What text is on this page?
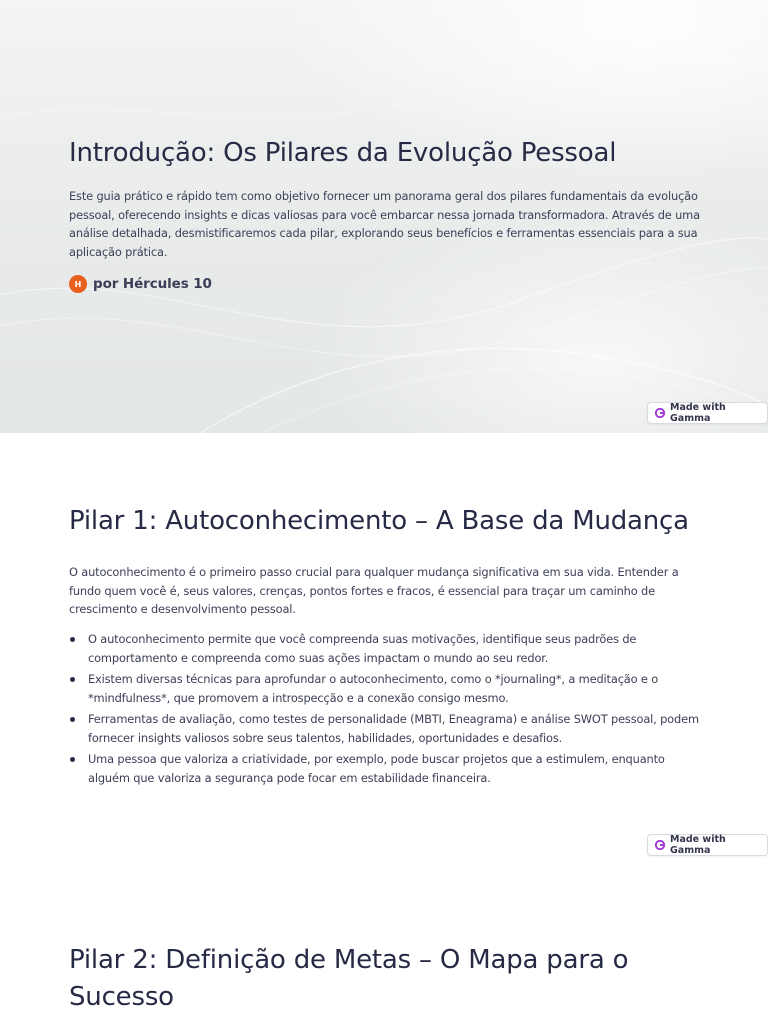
Introdução: Os Pilares da Evolução Pessoal

Este guia prático e rápido tem como objetivo fornecer um panorama geral dos pilares fundamentais da evolução pessoal, oferecendo insights e dicas valiosas para você embarcar nessa jornada transformadora. Através de uma análise detalhada, desmistificaremos cada pilar, explorando seus benefícios e ferramentas essenciais para a sua aplicação prática.

H por Hércules 10
Made with Gamma
Pilar 1: Autoconhecimento – A Base da Mudança

O autoconhecimento é o primeiro passo crucial para qualquer mudança significativa em sua vida. Entender a fundo quem você é, seus valores, crenças, pontos fortes e fracos, é essencial para traçar um caminho de crescimento e desenvolvimento pessoal.

O autoconhecimento permite que você compreenda suas motivações, identifique seus padrões de comportamento e compreenda como suas ações impactam o mundo ao seu redor.
Existem diversas técnicas para aprofundar o autoconhecimento, como o *journaling*, a meditação e o *mindfulness*, que promovem a introspecção e a conexão consigo mesmo.
Ferramentas de avaliação, como testes de personalidade (MBTI, Eneagrama) e análise SWOT pessoal, podem fornecer insights valiosos sobre seus talentos, habilidades, oportunidades e desafios.
Uma pessoa que valoriza a criatividade, por exemplo, pode buscar projetos que a estimulem, enquanto alguém que valoriza a segurança pode focar em estabilidade financeira.
Made with Gamma
Pilar 2: Definição de Metas – O Mapa para o Sucesso
